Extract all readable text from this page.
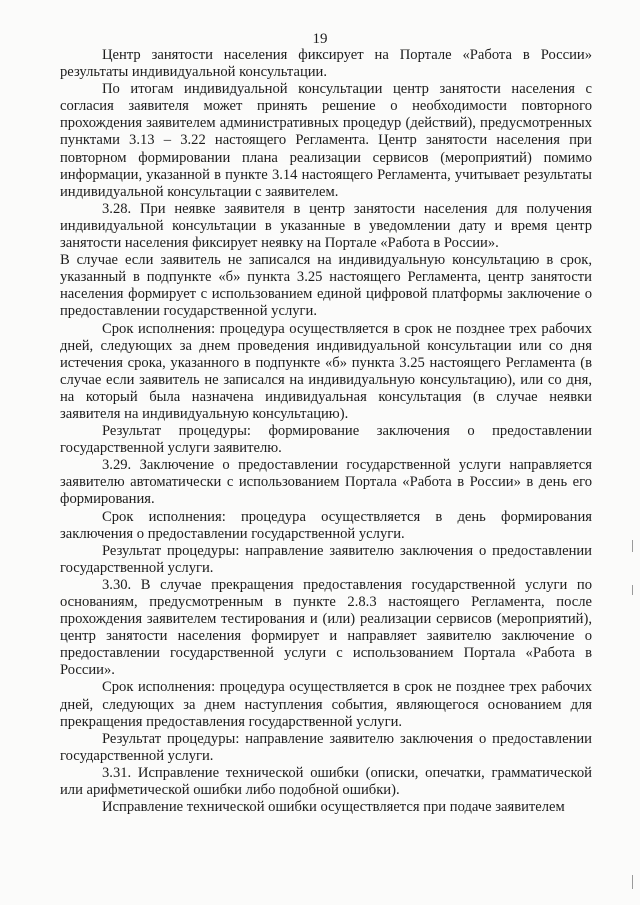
19

Центр занятости населения фиксирует на Портале «Работа в России» результаты индивидуальной консультации.

По итогам индивидуальной консультации центр занятости населения с согласия заявителя может принять решение о необходимости повторного прохождения заявителем административных процедур (действий), предусмотренных пунктами 3.13 – 3.22 настоящего Регламента. Центр занятости населения при повторном формировании плана реализации сервисов (мероприятий) помимо информации, указанной в пункте 3.14 настоящего Регламента, учитывает результаты индивидуальной консультации с заявителем.

3.28. При неявке заявителя в центр занятости населения для получения индивидуальной консультации в указанные в уведомлении дату и время центр занятости населения фиксирует неявку на Портале «Работа в России».

В случае если заявитель не записался на индивидуальную консультацию в срок, указанный в подпункте «б» пункта 3.25 настоящего Регламента, центр занятости населения формирует с использованием единой цифровой платформы заключение о предоставлении государственной услуги.

Срок исполнения: процедура осуществляется в срок не позднее трех рабочих дней, следующих за днем проведения индивидуальной консультации или со дня истечения срока, указанного в подпункте «б» пункта 3.25 настоящего Регламента (в случае если заявитель не записался на индивидуальную консультацию), или со дня, на который была назначена индивидуальная консультация (в случае неявки заявителя на индивидуальную консультацию).

Результат процедуры: формирование заключения о предоставлении государственной услуги заявителю.

3.29. Заключение о предоставлении государственной услуги направляется заявителю автоматически с использованием Портала «Работа в России» в день его формирования.

Срок исполнения: процедура осуществляется в день формирования заключения о предоставлении государственной услуги.

Результат процедуры: направление заявителю заключения о предоставлении государственной услуги.

3.30. В случае прекращения предоставления государственной услуги по основаниям, предусмотренным в пункте 2.8.3 настоящего Регламента, после прохождения заявителем тестирования и (или) реализации сервисов (мероприятий), центр занятости населения формирует и направляет заявителю заключение о предоставлении государственной услуги с использованием Портала «Работа в России».

Срок исполнения: процедура осуществляется в срок не позднее трех рабочих дней, следующих за днем наступления события, являющегося основанием для прекращения предоставления государственной услуги.

Результат процедуры: направление заявителю заключения о предоставлении государственной услуги.

3.31. Исправление технической ошибки (описки, опечатки, грамматической или арифметической ошибки либо подобной ошибки).

Исправление технической ошибки осуществляется при подаче заявителем
